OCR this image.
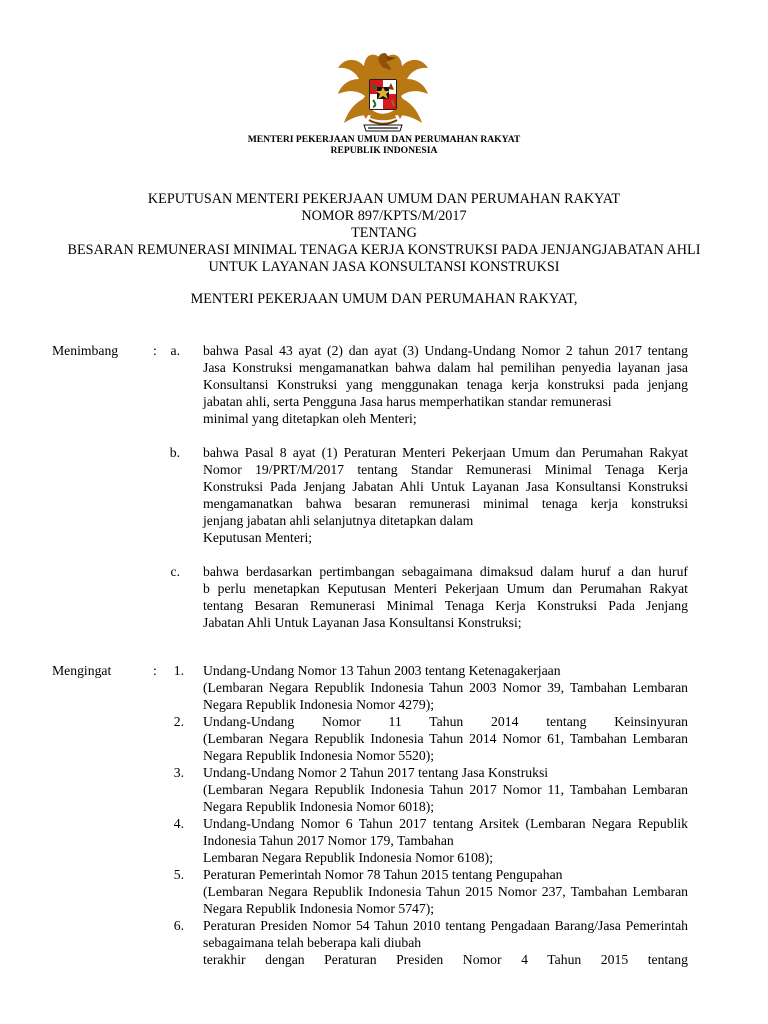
MENTERI PEKERJAAN UMUM DAN PERUMAHAN RAKYAT
REPUBLIK INDONESIA
KEPUTUSAN MENTERI PEKERJAAN UMUM DAN PERUMAHAN RAKYAT
NOMOR 897/KPTS/M/2017
TENTANG
BESARAN REMUNERASI MINIMAL TENAGA KERJA KONSTRUKSI PADA JENJANGJABATAN AHLI
UNTUK LAYANAN JASA KONSULTANSI KONSTRUKSI
MENTERI PEKERJAAN UMUM DAN PERUMAHAN RAKYAT,
Menimbang	: a. bahwa Pasal 43 ayat (2) dan ayat (3) Undang-Undang Nomor 2 tahun 2017 tentang
Jasa Konstruksi mengamanatkan bahwa dalam hal pemilihan penyedia layanan jasa
Konsultansi Konstruksi yang menggunakan tenaga kerja konstruksi pada jenjang
jabatan ahli, serta Pengguna Jasa harus memperhatikan standar remunerasi
minimal yang ditetapkan oleh Menteri;
b. bahwa Pasal 8 ayat (1) Peraturan Menteri Pekerjaan Umum dan Perumahan Rakyat
Nomor 19/PRT/M/2017 tentang Standar Remunerasi Minimal Tenaga Kerja
Konstruksi Pada Jenjang Jabatan Ahli Untuk Layanan Jasa Konsultansi Konstruksi
mengamanatkan bahwa besaran remunerasi minimal tenaga kerja konstruksi
jenjang jabatan ahli selanjutnya ditetapkan dalam
Keputusan Menteri;
c. bahwa berdasarkan pertimbangan sebagaimana dimaksud dalam huruf a dan huruf
b perlu menetapkan Keputusan Menteri Pekerjaan Umum dan Perumahan Rakyat
tentang Besaran Remunerasi Minimal Tenaga Kerja Konstruksi Pada Jenjang
Jabatan Ahli Untuk Layanan Jasa Konsultansi Konstruksi;
Mengingat	:	1. Undang-Undang Nomor 13 Tahun 2003 tentang Ketenagakerjaan
(Lembaran Negara Republik Indonesia Tahun 2003 Nomor 39, Tambahan Lembaran
Negara Republik Indonesia Nomor 4279);
2. Undang-Undang Nomor 11 Tahun 2014 tentang Keinsinyuran
(Lembaran Negara Republik Indonesia Tahun 2014 Nomor 61, Tambahan Lembaran
Negara Republik Indonesia Nomor 5520);
3. Undang-Undang Nomor 2 Tahun 2017 tentang Jasa Konstruksi
(Lembaran Negara Republik Indonesia Tahun 2017 Nomor 11, Tambahan Lembaran
Negara Republik Indonesia Nomor 6018);
4. Undang-Undang Nomor 6 Tahun 2017 tentang Arsitek (Lembaran Negara Republik
Indonesia Tahun 2017 Nomor 179, Tambahan
Lembaran Negara Republik Indonesia Nomor 6108);
5. Peraturan Pemerintah Nomor 78 Tahun 2015 tentang Pengupahan
(Lembaran Negara Republik Indonesia Tahun 2015 Nomor 237, Tambahan Lembaran
Negara Republik Indonesia Nomor 5747);
6. Peraturan Presiden Nomor 54 Tahun 2010 tentang Pengadaan Barang/Jasa Pemerintah
sebagaimana telah beberapa kali diubah
terakhir dengan Peraturan Presiden Nomor 4 Tahun 2015 tentang
